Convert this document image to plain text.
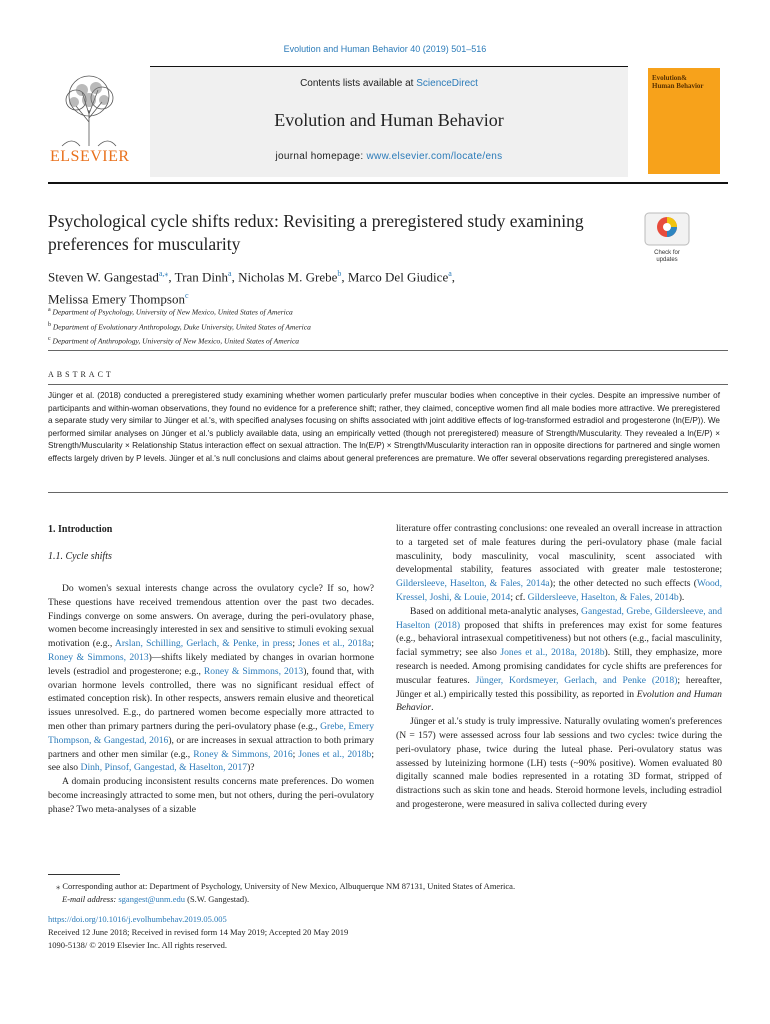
Evolution and Human Behavior 40 (2019) 501–516
ELSEVIER
Contents lists available at ScienceDirect
Evolution and Human Behavior
journal homepage: www.elsevier.com/locate/ens
Evolution&
Human Behavior
Psychological cycle shifts redux: Revisiting a preregistered study examining preferences for muscularity	Check for
updates
Steven W. Gangestad$^{a,⁎}$, Tran Dinh$^a$, Nicholas M. Grebe$^b$, Marco Del Giudice$^a$,
Melissa Emery Thompson$^c$
$^a$ Department of Psychology, University of New Mexico, United States of America
$^b$ Department of Evolutionary Anthropology, Duke University, United States of America
$^c$ Department of Anthropology, University of New Mexico, United States of America
ABSTRACT
Jünger et al. (2018) conducted a preregistered study examining whether women particularly prefer muscular bodies when conceptive in their cycles. Despite an impressive number of participants and within-woman observations, they found no evidence for a preference shift; rather, they claimed, conceptive women find all male bodies more attractive. We preregistered a separate study very similar to Jünger et al.'s, with specified analyses focusing on shifts associated with joint additive effects of log-transformed estradiol and progesterone (ln(E/P)). We performed similar analyses on Jünger et al.'s publicly available data, using an empirically vetted (though not preregistered) measure of Strength/Muscularity. They revealed a ln(E/P) × Strength/Muscularity × Relationship Status interaction effect on sexual attraction. The ln(E/P) × Strength/Muscularity interaction ran in opposite directions for partnered and single women effects largely driven by P levels. Jünger et al.'s null conclusions and claims about general preferences are premature. We offer several observations regarding preregistered analyses.
1. Introduction
1.1. Cycle shifts

Do women's sexual interests change across the ovulatory cycle? If so, how? These questions have received tremendous attention over the past two decades. Findings converge on some answers. On average, during the peri-ovulatory phase, women become increasingly interested in sex and sensitive to stimuli evoking sexual motivation (e.g., Arslan, Schilling, Gerlach, & Penke, in press; Jones et al., 2018a; Roney & Simmons, 2013)—shifts likely mediated by changes in ovarian hormone levels (estradiol and progesterone; e.g., Roney & Simmons, 2013), found that, with ovarian hormone levels controlled, there was no significant residual effect of estimated conception risk). In other respects, answers remain elusive and theoretical issues unresolved. E.g., do partnered women become especially more attracted to men other than primary partners during the peri-ovulatory phase (e.g., Grebe, Emery Thompson, & Gangestad, 2016), or are increases in sexual attraction to both primary partners and other men similar (e.g., Roney & Simmons, 2016; Jones et al., 2018b; see also Dinh, Pinsof, Gangestad, & Haselton, 2017)?

A domain producing inconsistent results concerns mate preferences. Do women become increasingly attracted to some men, but not others, during the peri-ovulatory phase? Two meta-analyses of a sizable

literature offer contrasting conclusions: one revealed an overall increase in attraction to a targeted set of male features during the peri-ovulatory phase (male facial masculinity, body masculinity, vocal masculinity, scent associated with developmental stability, features associated with greater male testosterone; Gildersleeve, Haselton, & Fales, 2014a); the other detected no such effects (Wood, Kressel, Joshi, & Louie, 2014; cf. Gildersleeve, Haselton, & Fales, 2014b).

Based on additional meta-analytic analyses, Gangestad, Grebe, Gildersleeve, and Haselton (2018) proposed that shifts in preferences may exist for some features (e.g., behavioral intrasexual competitiveness) but not others (e.g., facial masculinity, facial symmetry; see also Jones et al., 2018a, 2018b). Still, they emphasize, more research is needed. Among promising candidates for cycle shifts are preferences for muscular features. Jünger, Kordsmeyer, Gerlach, and Penke (2018); hereafter, Jünger et al.) empirically tested this possibility, as reported in Evolution and Human Behavior.

Jünger et al.'s study is truly impressive. Naturally ovulating women's preferences (N = 157) were assessed across four lab sessions and two cycles: twice during the peri-ovulatory phase, twice during the luteal phase. Peri-ovulatory status was assessed by luteinizing hormone (LH) tests (~90% positive). Women evaluated 80 digitally scanned male bodies represented in a rotating 3D format, stripped of distractions such as skin tone and heads. Steroid hormone levels, including estradiol and progesterone, were measured in saliva collected during every

⁎ Corresponding author at: Department of Psychology, University of New Mexico, Albuquerque NM 87131, United States of America.
E-mail address: sgangest@unm.edu (S.W. Gangestad).
https://doi.org/10.1016/j.evolhumbehav.2019.05.005
Received 12 June 2018; Received in revised form 14 May 2019; Accepted 20 May 2019
1090-5138/ © 2019 Elsevier Inc. All rights reserved.
